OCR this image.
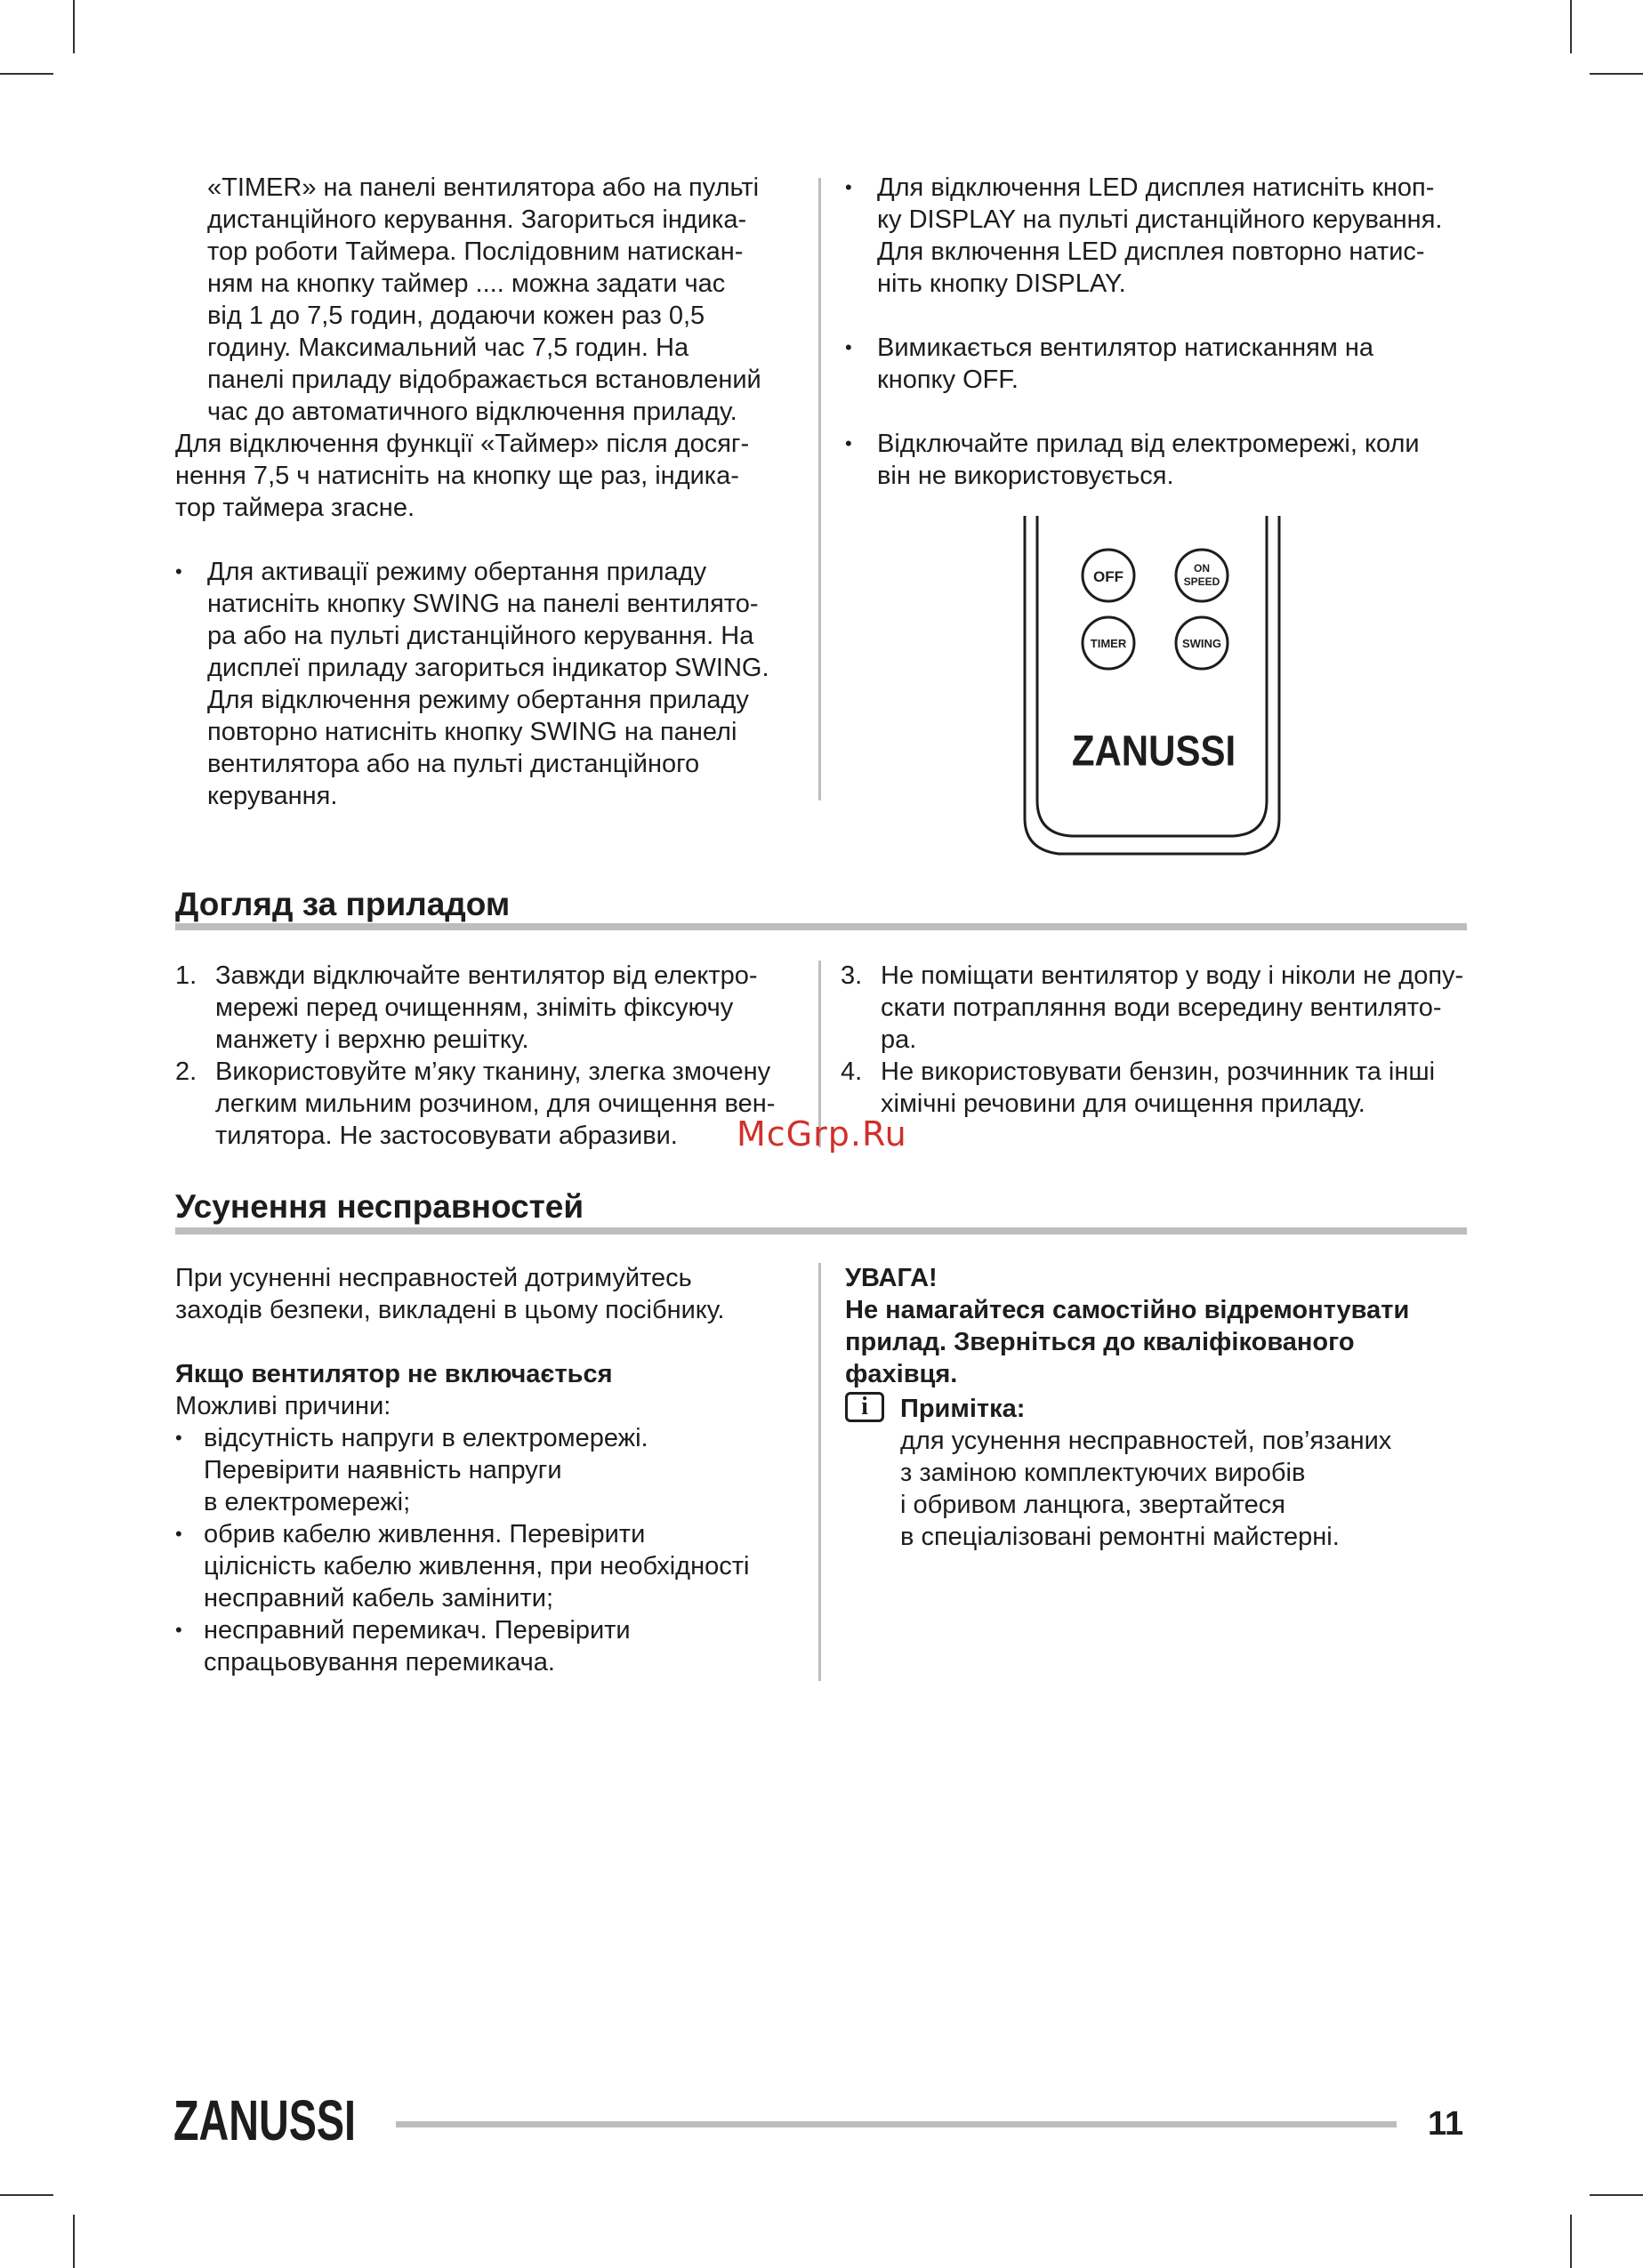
«TIMER» на панелі вентилятора або на пульті

дистанційного керування. Загориться індика-

тор роботи Таймера. Послідовним натискан-

ням на кнопку таймер .... можна задати час

від 1 до 7,5 годин, додаючи кожен раз 0,5

годину. Максимальний час 7,5 годин. На

панелі приладу відображається встановлений

час до автоматичного відключення приладу.

Для відключення функції «Таймер» після досяг-

нення 7,5 ч натисніть на кнопку ще раз, індика-

тор таймера згасне.

• Для активації режиму обертання приладу

натисніть кнопку SWING на панелі вентилято-

ра або на пульті дистанційного керування. На

дисплеї приладу загориться індикатор SWING.

Для відключення режиму обертання приладу

повторно натисніть кнопку SWING на панелі

вентилятора або на пульті дистанційного

керування.

• Для відключення LED дисплея натисніть кноп-

ку DISPLAY на пульті дистанційного керування.

Для включення LED дисплея повторно натис-

ніть кнопку DISPLAY.

• Вимикається вентилятор натисканням на

кнопку OFF.

• Відключайте прилад від електромережі, коли

він не використовується.

OFF	ON
SPEED
TIMER	SWING
ZANUSSI
Догляд за приладом
1. Завжди відключайте вентилятор від електро-

мережі перед очищенням, зніміть фіксуючу

манжету і верхню решітку.

2. Використовуйте м’яку тканину, злегка змочену

легким мильним розчином, для очищення вен-

тилятора. Не застосовувати абразиви.

3. Не поміщати вентилятор у воду і ніколи не допу-

скати потрапляння води всередину вентилято-

ра.

4. Не використовувати бензин, розчинник та інші

хімічні речовини для очищення приладу.

McGrp.Ru
Усунення несправностей

При усуненні несправностей дотримуйтесь

заходів безпеки, викладені в цьому посібнику.

Якщо вентилятор не включається

Можливі причини:

• відсутність напруги в електромережі.

Перевірити наявність напруги

в електромережі;

• обрив кабелю живлення. Перевірити

цілісність кабелю живлення, при необхідності

несправний кабель замінити;

• несправний перемикач. Перевірити

спрацьовування перемикача.

УВАГА!

Не намагайтеся самостійно відремонтувати

прилад. Зверніться до кваліфікованого фахівця.

i	Примітка:

для усунення несправностей, пов’язаних

з заміною комплектуючих виробів

і обривом ланцюга, звертайтеся

в спеціалізовані ремонтні майстерні.

ZANUSSI	11
